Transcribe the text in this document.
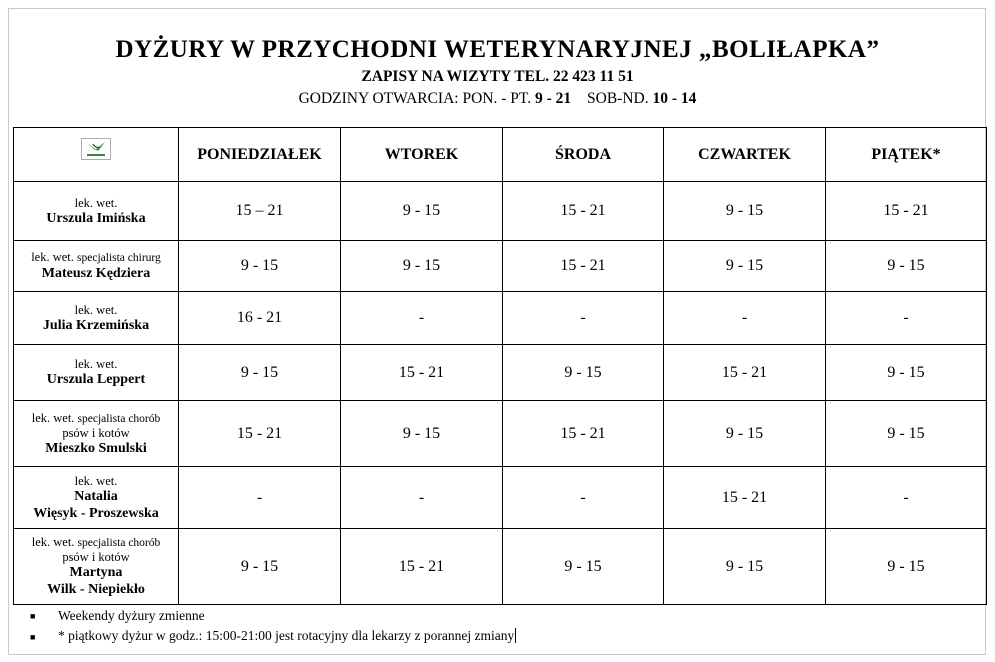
DYŻURY W PRZYCHODNI WETERYNARYJNEJ „BOLIŁAPKA”
ZAPISY NA WIZYTY TEL. 22 423 11 51
GODZINY OTWARCIA: PON. - PT. 9 - 21 SOB-ND. 10 - 14
	PONIEDZIAŁEK	WTOREK	ŚRODA	CZWARTEK	PIĄTEK*

lek. wet.
Urszula Imińska	15 – 21	9 - 15	15 - 21	9 - 15	15 - 21

lek. wet. specjalista chirurg
Mateusz Kędziera	9 - 15	9 - 15	15 - 21	9 - 15	9 - 15

lek. wet.
Julia Krzemińska	16 - 21	-	-	-	-

lek. wet.
Urszula Leppert	9 - 15	15 - 21	9 - 15	15 - 21	9 - 15

lek. wet. specjalista chorób
psów i kotów
Mieszko Smulski	15 - 21	9 - 15	15 - 21	9 - 15	9 - 15

lek. wet.
Natalia
Więsyk - Proszewska	-	-	-	15 - 21	-

lek. wet. specjalista chorób
psów i kotów
Martyna
Wilk - Niepiekło	9 - 15	15 - 21	9 - 15	9 - 15	9 - 15
■ Weekendy dyżury zmienne
■ * piątkowy dyżur w godz.: 15:00-21:00 jest rotacyjny dla lekarzy z porannej zmiany
